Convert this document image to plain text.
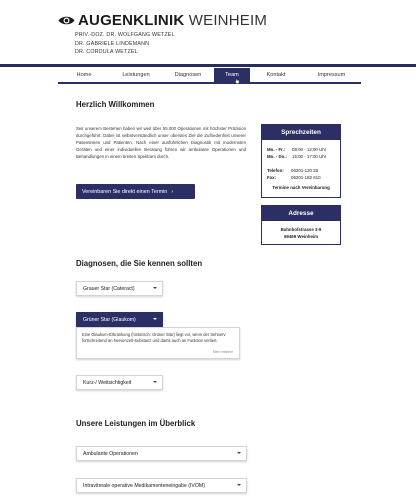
AUGENKLINIK WEINHEIM
PRIV.-DOZ. DR. WOLFGANG WETZEL
DR. GABRIELE LINDEMANN
DR. CORDULA WETZEL
Home	Leistungen	Diagnosen	Team	Kontakt	Impressum
Herzlich Willkommen
Seit unserem Bestehen haben wir weit über 55.000 Operationen mit höchster Präzision durchgeführt. Dabei ist selbstverständlich unser oberstes Ziel die Zufriedenheit unserer Patientinnen und Patienten. Nach einer ausführlichen Diagnostik mit modernsten Geräten und einer individuellen Beratung führen wir ambulante Operationen und Behandlungen in einem breiten Spektrum durch.
Vereinbaren Sie direkt einen Termin ›
Sprechzeiten
Mo. - Fr.:	08:00 - 12:00 Uhr
Mo. - Do.:	15:00 - 17:00 Uhr
Telefon:	06201-120 26
Fax:	06201-183 610
Termine nach Vereinbarung
Adresse
Bahnhofstrasse 3-9
69469 Weinheim
Diagnosen, die Sie kennen sollten
Grauer Star (Cateract)
Grüner Star (Glaukom)

Eine Glaukom-Erkrankung (historisch: Grüner Star) liegt vor, wenn der Sehnerv fortschreitend an Nervenzell-Substanz und damit auch an Funktion verliert.

Mehr erfahren
Kurz-/ Weitsichtigkeit
Unsere Leistungen im Überblick
Ambulante Operationen
Intravitreale operative Medikamenteneingabe (IVOM)
